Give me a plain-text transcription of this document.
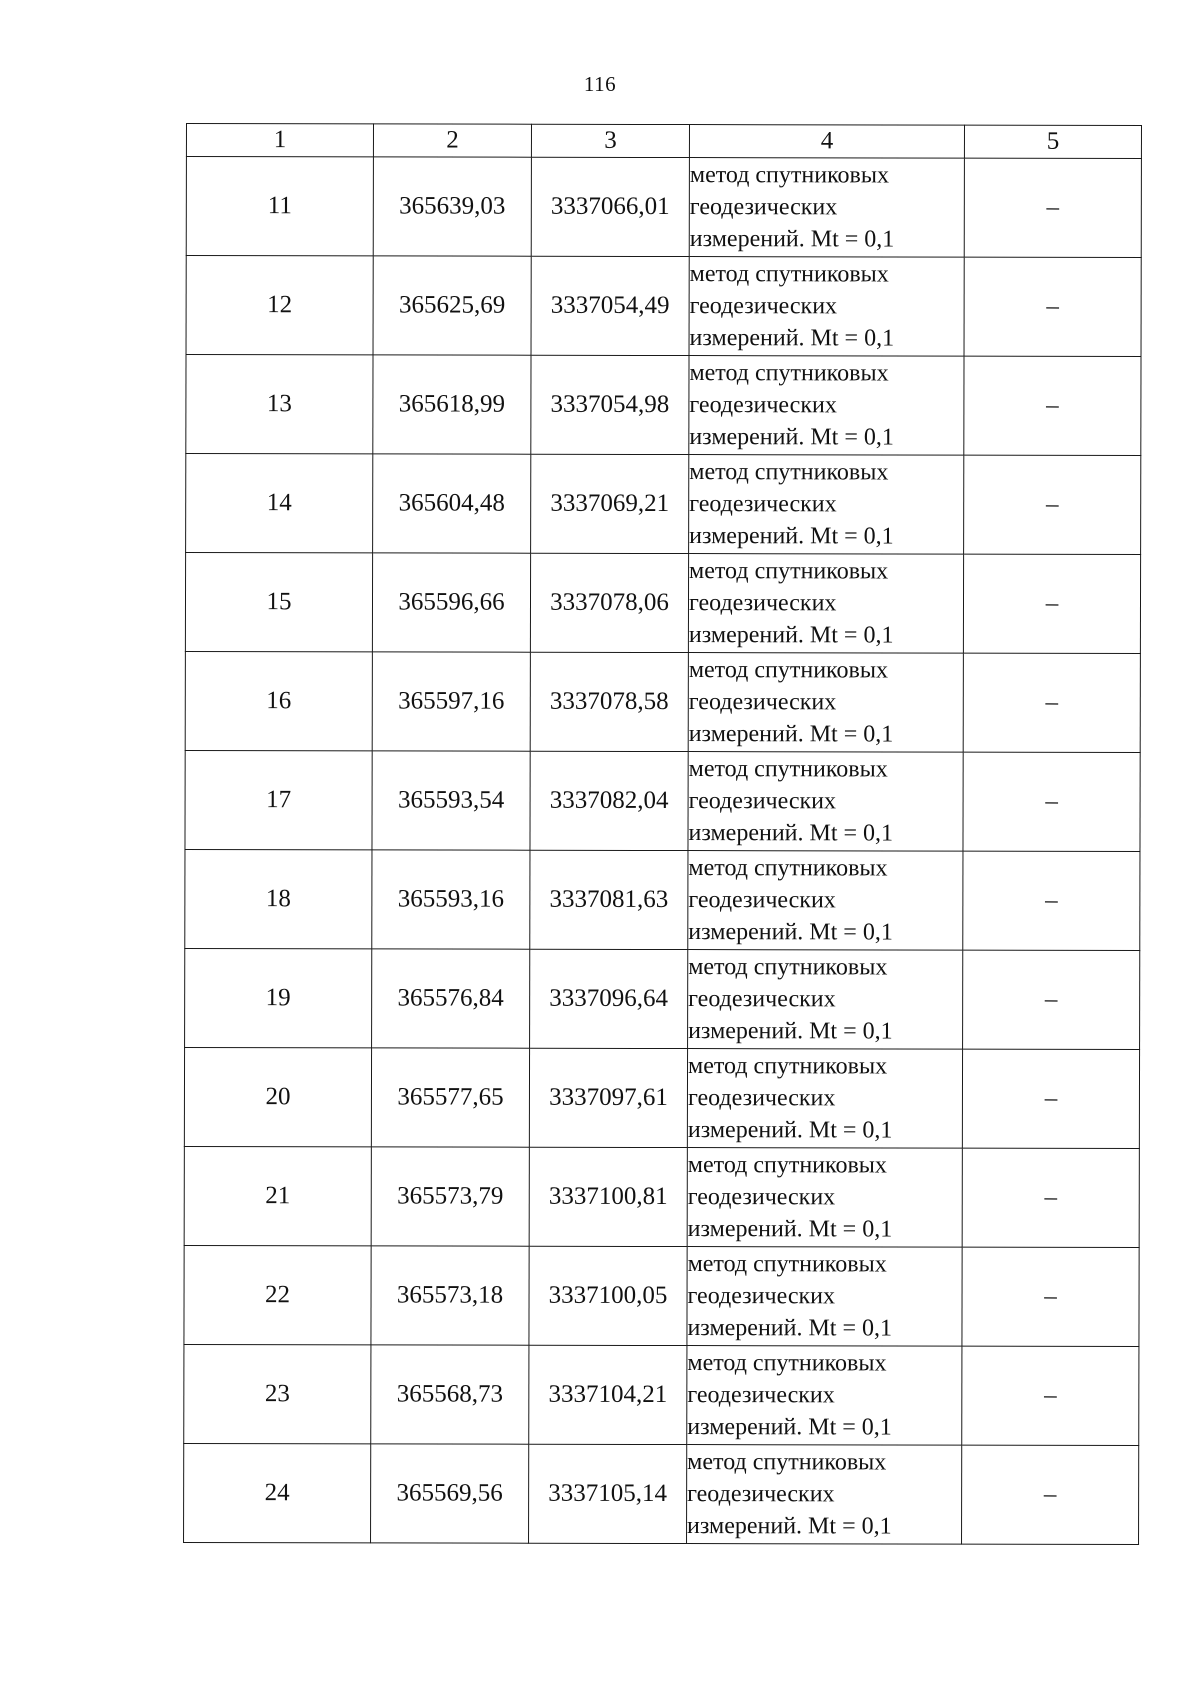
116
1	2	3	4	5
11	365639,03	3337066,01	метод спутниковых
геодезических
измерений. Mt = 0,1	–
12	365625,69	3337054,49	метод спутниковых
геодезических
измерений. Mt = 0,1	–
13	365618,99	3337054,98	метод спутниковых
геодезических
измерений. Mt = 0,1	–
14	365604,48	3337069,21	метод спутниковых
геодезических
измерений. Mt = 0,1	–
15	365596,66	3337078,06	метод спутниковых
геодезических
измерений. Mt = 0,1	–
16	365597,16	3337078,58	метод спутниковых
геодезических
измерений. Mt = 0,1	–
17	365593,54	3337082,04	метод спутниковых
геодезических
измерений. Mt = 0,1	–
18	365593,16	3337081,63	метод спутниковых
геодезических
измерений. Mt = 0,1	–
19	365576,84	3337096,64	метод спутниковых
геодезических
измерений. Mt = 0,1	–
20	365577,65	3337097,61	метод спутниковых
геодезических
измерений. Mt = 0,1	–
21	365573,79	3337100,81	метод спутниковых
геодезических
измерений. Mt = 0,1	–
22	365573,18	3337100,05	метод спутниковых
геодезических
измерений. Mt = 0,1	–
23	365568,73	3337104,21	метод спутниковых
геодезических
измерений. Mt = 0,1	–
24	365569,56	3337105,14	метод спутниковых
геодезических
измерений. Mt = 0,1	–
